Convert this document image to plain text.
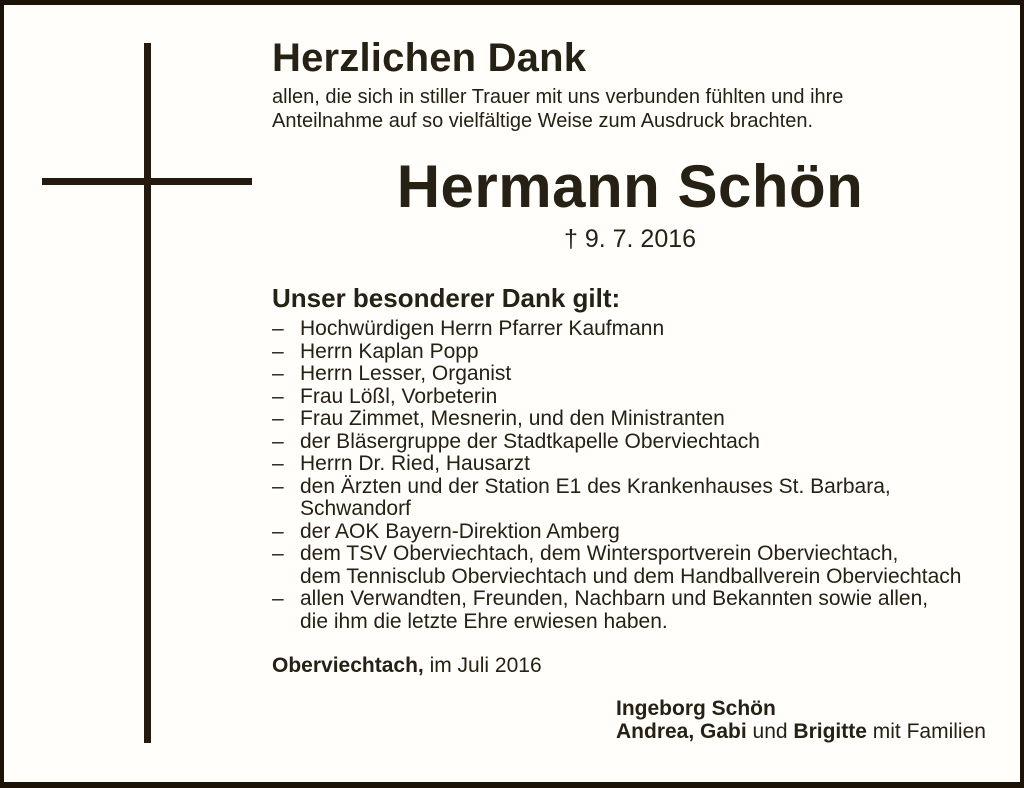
Herzlichen Dank

allen, die sich in stiller Trauer mit uns verbunden fühlten und ihre
Anteilnahme auf so vielfältige Weise zum Ausdruck brachten.

Hermann Schön
† 9. 7. 2016
Unser besonderer Dank gilt:
– Hochwürdigen Herrn Pfarrer Kaufmann
– Herrn Kaplan Popp
– Herrn Lesser, Organist
– Frau Lößl, Vorbeterin
– Frau Zimmet, Mesnerin, und den Ministranten
– der Bläsergruppe der Stadtkapelle Oberviechtach
– Herrn Dr. Ried, Hausarzt
– den Ärzten und der Station E1 des Krankenhauses St. Barbara,
Schwandorf
– der AOK Bayern-Direktion Amberg
– dem TSV Oberviechtach, dem Wintersportverein Oberviechtach,
dem Tennisclub Oberviechtach und dem Handballverein Oberviechtach
– allen Verwandten, Freunden, Nachbarn und Bekannten sowie allen,
die ihm die letzte Ehre erwiesen haben.
Oberviechtach, im Juli 2016
Ingeborg Schön
Andrea, Gabi und Brigitte mit Familien
